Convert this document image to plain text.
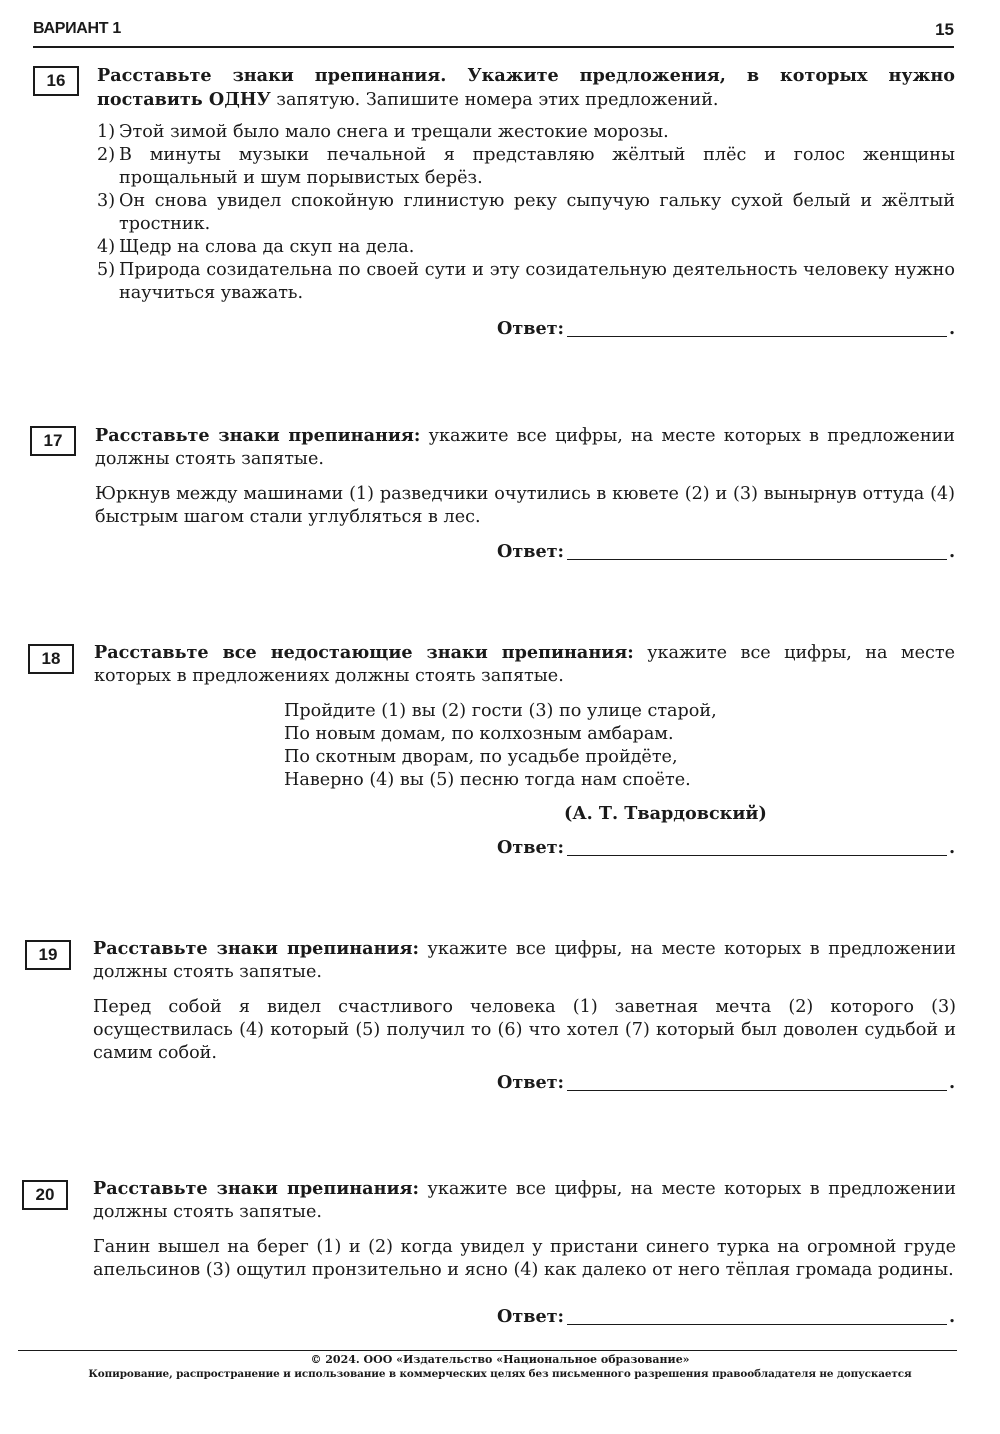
ВАРИАНТ 1	15
16	Расставьте знаки препинания. Укажите предложения, в которых нужно поставить ОДНУ запятую. Запишите номера этих предложений.

1) Этой зимой было мало снега и трещали жестокие морозы.
2) В минуты музыки печальной я представляю жёлтый плёс и голос женщины прощальный и шум порывистых берёз.
3) Он снова увидел спокойную глинистую реку сыпучую гальку сухой белый и жёлтый тростник.
4) Щедр на слова да скуп на дела.
5) Природа созидательна по своей сути и эту созидательную деятельность человеку нужно научиться уважать.
Ответ:	.
17	Расставьте знаки препинания: укажите все цифры, на месте которых в предложении должны стоять запятые.

Юркнув между машинами (1) разведчики очутились в кювете (2) и (3) вынырнув оттуда (4) быстрым шагом стали углубляться в лес.

Ответ:	.
18	Расставьте все недостающие знаки препинания: укажите все цифры, на месте которых в предложениях должны стоять запятые.

Пройдите (1) вы (2) гости (3) по улице старой,
По новым домам, по колхозным амбарам.
По скотным дворам, по усадьбе пройдёте,
Наверно (4) вы (5) песню тогда нам споёте.
(А. Т. Твардовский)
Ответ:	.
19	Расставьте знаки препинания: укажите все цифры, на месте которых в предложении должны стоять запятые.

Перед собой я видел счастливого человека (1) заветная мечта (2) которого (3) осуществилась (4) который (5) получил то (6) что хотел (7) который был доволен судьбой и самим собой.

Ответ:	.
20	Расставьте знаки препинания: укажите все цифры, на месте которых в предложении должны стоять запятые.

Ганин вышел на берег (1) и (2) когда увидел у пристани синего турка на огромной груде апельсинов (3) ощутил пронзительно и ясно (4) как далеко от него тёплая громада родины.

Ответ:	.
© 2024. ООО «Издательство «Национальное образование»
Копирование, распространение и использование в коммерческих целях без письменного разрешения правообладателя не допускается
